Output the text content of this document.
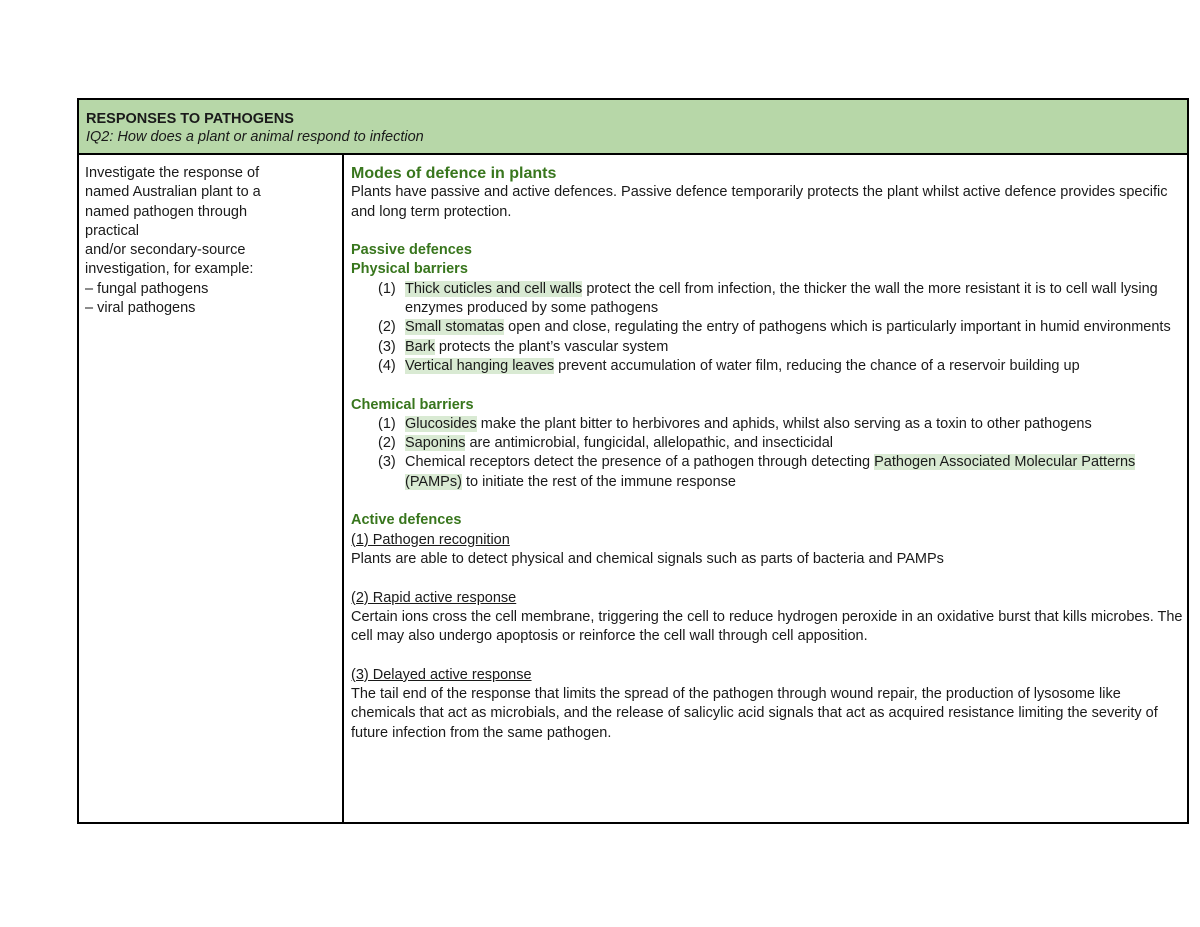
RESPONSES TO PATHOGENS
IQ2: How does a plant or animal respond to infection
Investigate the response of
named Australian plant to a
named pathogen through
practical
and/or secondary-source
investigation, for example:
– fungal pathogens
– viral pathogens
Modes of defence in plants

Plants have passive and active defences. Passive defence temporarily protects the plant whilst active defence provides specific and long term protection.

Passive defences
Physical barriers
(1) Thick cuticles and cell walls protect the cell from infection, the thicker the wall the more resistant it is to cell wall lysing enzymes produced by some pathogens
(2) Small stomatas open and close, regulating the entry of pathogens which is particularly important in humid environments
(3) Bark protects the plant’s vascular system
(4) Vertical hanging leaves prevent accumulation of water film, reducing the chance of a reservoir building up
Chemical barriers
(1) Glucosides make the plant bitter to herbivores and aphids, whilst also serving as a toxin to other pathogens
(2) Saponins are antimicrobial, fungicidal, allelopathic, and insecticidal
(3) Chemical receptors detect the presence of a pathogen through detecting Pathogen Associated Molecular Patterns (PAMPs) to initiate the rest of the immune response
Active defences
(1) Pathogen recognition

Plants are able to detect physical and chemical signals such as parts of bacteria and PAMPs

(2) Rapid active response

Certain ions cross the cell membrane, triggering the cell to reduce hydrogen peroxide in an oxidative burst that kills microbes. The cell may also undergo apoptosis or reinforce the cell wall through cell apposition.

(3) Delayed active response

The tail end of the response that limits the spread of the pathogen through wound repair, the production of lysosome like chemicals that act as microbials, and the release of salicylic acid signals that act as acquired resistance limiting the severity of future infection from the same pathogen.
